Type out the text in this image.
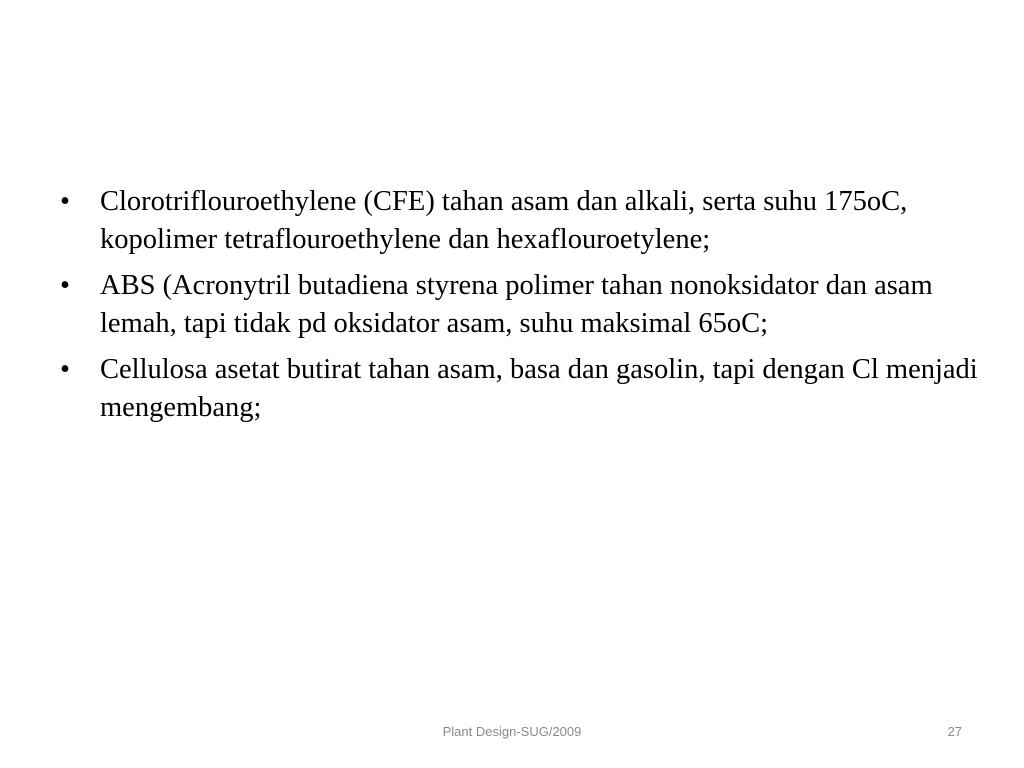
• Clorotriflouroethylene (CFE) tahan asam dan alkali, serta suhu 175oC, kopolimer tetraflouroethylene dan hexaflouroetylene;
• ABS (Acronytril butadiena styrena polimer tahan nonoksidator dan asam lemah, tapi tidak pd oksidator asam, suhu maksimal 65oC;
• Cellulosa asetat butirat tahan asam, basa dan gasolin, tapi dengan Cl menjadi mengembang;
Plant Design-SUG/2009	27
